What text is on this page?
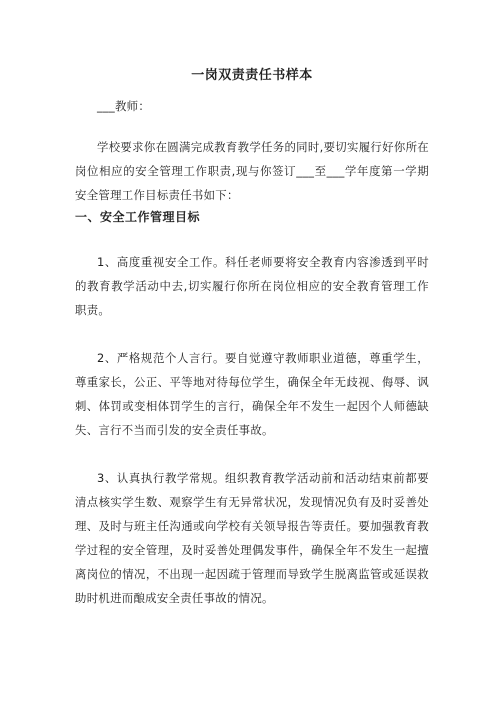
一岗双责责任书样本

___教师：

学校要求你在圆满完成教育教学任务的同时,要切实履行好你所在岗位相应的安全管理工作职责,现与你签订___至___学年度第一学期安全管理工作目标责任书如下：

一、安全工作管理目标

1、高度重视安全工作。科任老师要将安全教育内容渗透到平时的教育教学活动中去,切实履行你所在岗位相应的安全教育管理工作职责。

2、严格规范个人言行。要自觉遵守教师职业道德，尊重学生，尊重家长，公正、平等地对待每位学生，确保全年无歧视、侮辱、讽刺、体罚或变相体罚学生的言行，确保全年不发生一起因个人师德缺失、言行不当而引发的安全责任事故。

3、认真执行教学常规。组织教育教学活动前和活动结束前都要清点核实学生数、观察学生有无异常状况，发现情况负有及时妥善处理、及时与班主任沟通或向学校有关领导报告等责任。要加强教育教学过程的安全管理，及时妥善处理偶发事件，确保全年不发生一起擅离岗位的情况，不出现一起因疏于管理而导致学生脱离监管或延误救助时机进而酿成安全责任事故的情况。
